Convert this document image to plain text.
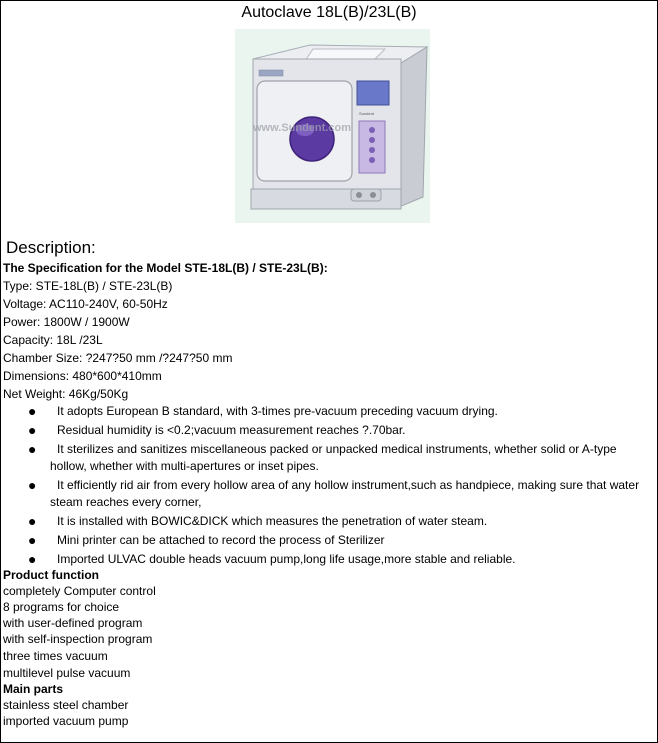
Autoclave 18L(B)/23L(B)
www.Sundent.com
Sundent
Description:
The Specification for the Model STE-18L(B) / STE-23L(B):
Type: STE-18L(B) / STE-23L(B)
Voltage: AC110-240V, 60-50Hz
Power: 1800W / 1900W
Capacity: 18L /23L
Chamber Size: ?247?50 mm /?247?50 mm
Dimensions: 480*600*410mm
Net Weight: 46Kg/50Kg
●	It adopts European B standard, with 3-times pre-vacuum preceding vacuum drying.
●	Residual humidity is <0.2;vacuum measurement reaches ?.70bar.
●	It sterilizes and sanitizes miscellaneous packed or unpacked medical instruments, whether solid or A-type hollow, whether with multi-apertures or inset pipes.
●	It efficiently rid air from every hollow area of any hollow instrument,such as handpiece, making sure that water steam reaches every corner,
●	It is installed with BOWIC&DICK which measures the penetration of water steam.
●	Mini printer can be attached to record the process of Sterilizer
●	Imported ULVAC double heads vacuum pump,long life usage,more stable and reliable.
Product function
completely Computer control
8 programs for choice
with user-defined program
with self-inspection program
three times vacuum
multilevel pulse vacuum
Main parts
stainless steel chamber
imported vacuum pump
